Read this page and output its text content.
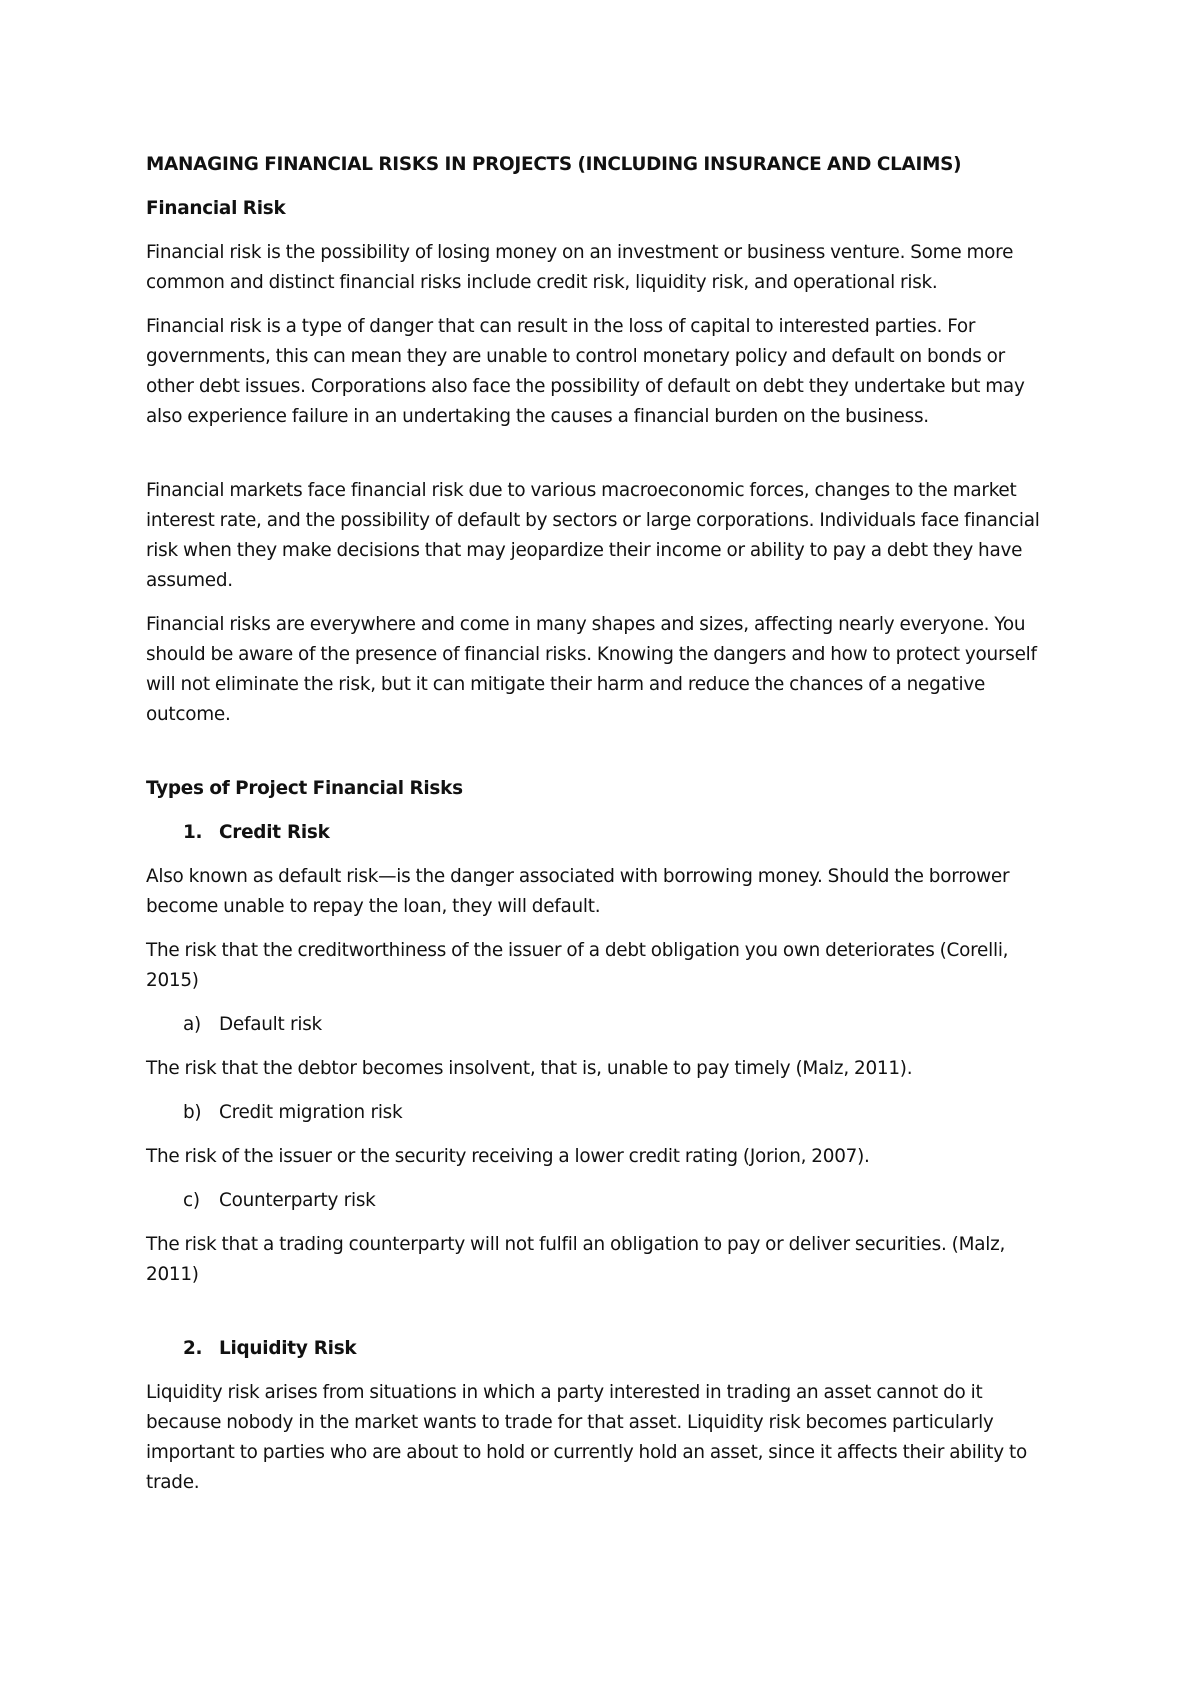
MANAGING FINANCIAL RISKS IN PROJECTS (INCLUDING INSURANCE AND CLAIMS)

Financial Risk

Financial risk is the possibility of losing money on an investment or business venture. Some more

common and distinct financial risks include credit risk, liquidity risk, and operational risk.

Financial risk is a type of danger that can result in the loss of capital to interested parties. For

governments, this can mean they are unable to control monetary policy and default on bonds or

other debt issues. Corporations also face the possibility of default on debt they undertake but may

also experience failure in an undertaking the causes a financial burden on the business.

Financial markets face financial risk due to various macroeconomic forces, changes to the market

interest rate, and the possibility of default by sectors or large corporations. Individuals face financial

risk when they make decisions that may jeopardize their income or ability to pay a debt they have

assumed.

Financial risks are everywhere and come in many shapes and sizes, affecting nearly everyone. You

should be aware of the presence of financial risks. Knowing the dangers and how to protect yourself

will not eliminate the risk, but it can mitigate their harm and reduce the chances of a negative

outcome.

Types of Project Financial Risks

1. Credit Risk

Also known as default risk—is the danger associated with borrowing money. Should the borrower

become unable to repay the loan, they will default.

The risk that the creditworthiness of the issuer of a debt obligation you own deteriorates (Corelli,

2015)

a) Default risk

The risk that the debtor becomes insolvent, that is, unable to pay timely (Malz, 2011).

b) Credit migration risk

The risk of the issuer or the security receiving a lower credit rating (Jorion, 2007).

c)	Counterparty risk

The risk that a trading counterparty will not fulfil an obligation to pay or deliver securities. (Malz,

2011)

2. Liquidity Risk

Liquidity risk arises from situations in which a party interested in trading an asset cannot do it

because nobody in the market wants to trade for that asset. Liquidity risk becomes particularly

important to parties who are about to hold or currently hold an asset, since it affects their ability to

trade.
